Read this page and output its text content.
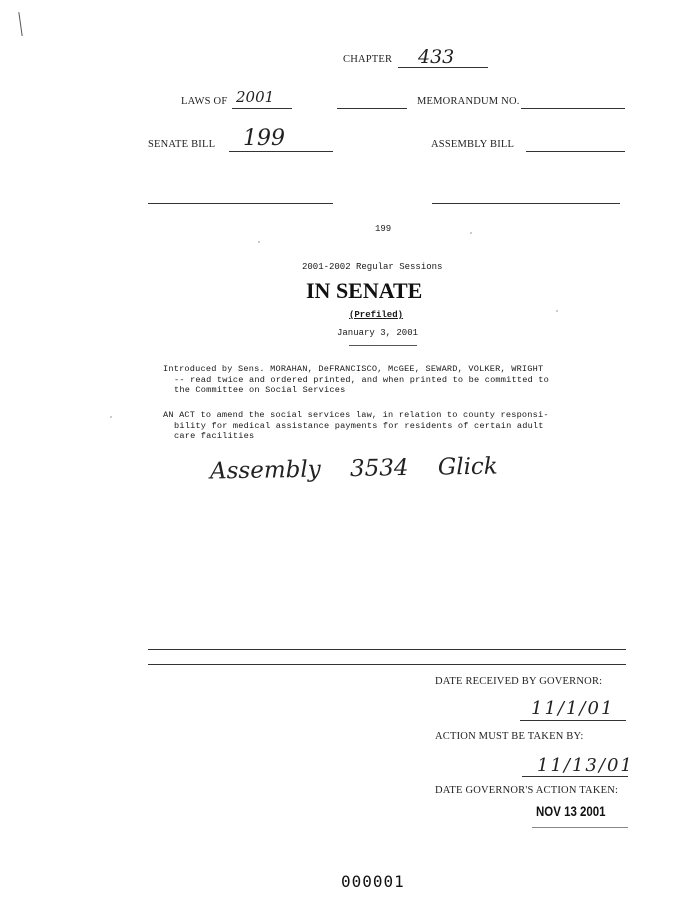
CHAPTER 433
LAWS OF 2001	MEMORANDUM NO.
SENATE BILL 199	ASSEMBLY BILL
199
2001-2002 Regular Sessions
IN SENATE
(Prefiled)
January 3, 2001
Introduced by Sens. MORAHAN, DeFRANCISCO, McGEE, SEWARD, VOLKER, WRIGHT
-- read twice and ordered printed, and when printed to be committed to
the Committee on Social Services
AN ACT to amend the social services law, in relation to county responsi-
bility for medical assistance payments for residents of certain adult
care facilities
Assembly 3534 Glick
DATE RECEIVED BY GOVERNOR:
11/1/01
ACTION MUST BE TAKEN BY:
11/13/01
DATE GOVERNOR'S ACTION TAKEN:
NOV 13 2001
000001
